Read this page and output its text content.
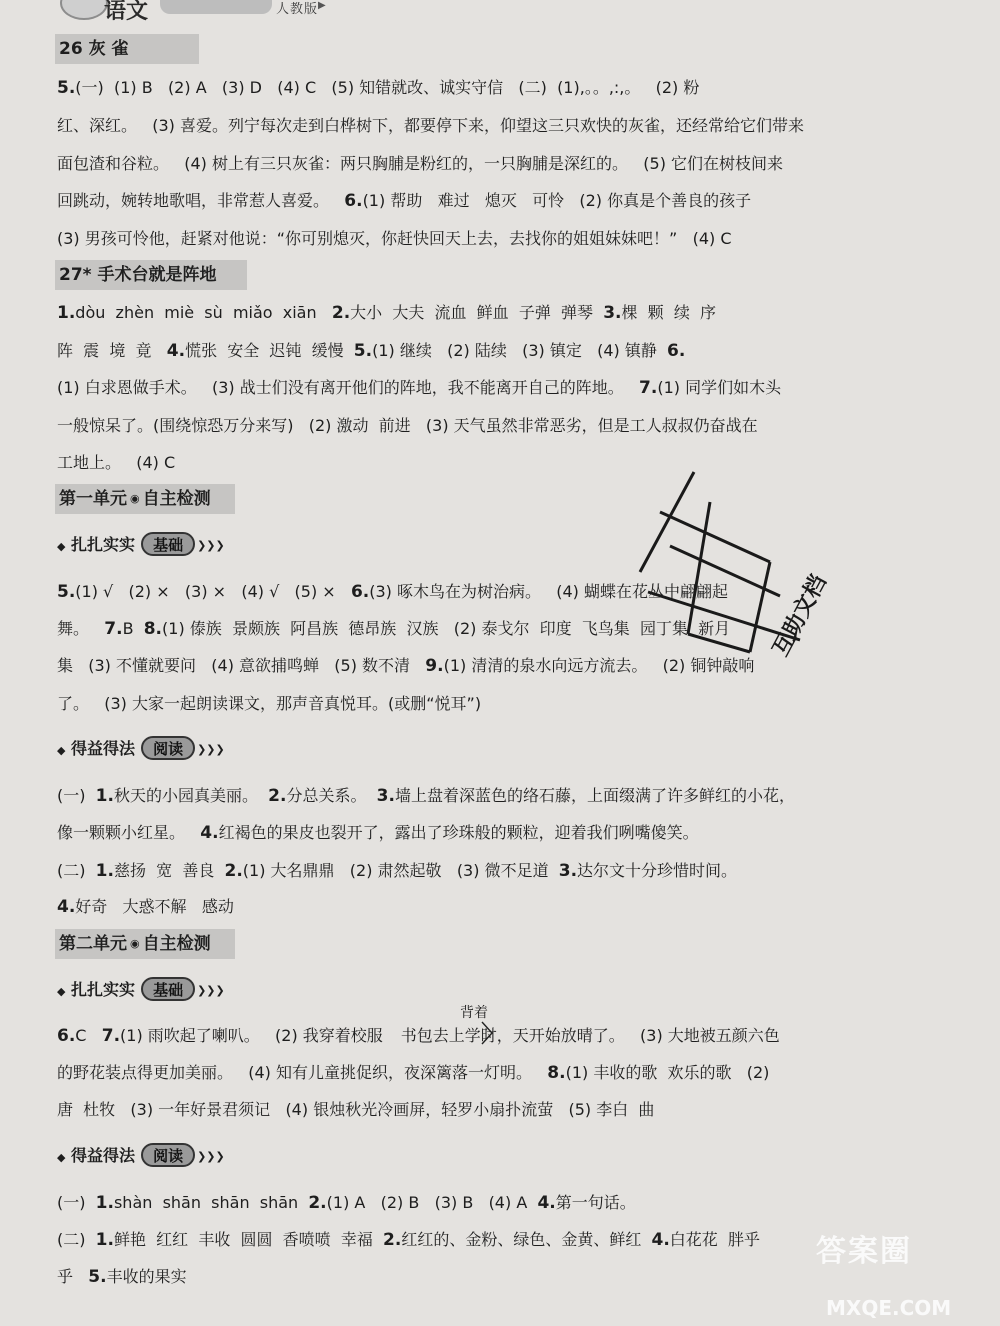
语文	人教版 ▶
26 灰 雀
5.(一)  (1) B   (2) A   (3) D   (4) C   (5) 知错就改、诚实守信   (二)  (1),。。,:,。   (2) 粉
红、深红。   (3) 喜爱。列宁每次走到白桦树下，都要停下来，仰望这三只欢快的灰雀，还经常给它们带来
面包渣和谷粒。   (4) 树上有三只灰雀：两只胸脯是粉红的，一只胸脯是深红的。   (5) 它们在树枝间来
回跳动，婉转地歌唱，非常惹人喜爱。   6.(1) 帮助   难过   熄灭   可怜   (2) 你真是个善良的孩子
(3) 男孩可怜他，赶紧对他说：“你可别熄灭，你赶快回天上去，去找你的姐姐妹妹吧！”   (4) C
27* 手术台就是阵地
1.dòu  zhèn  miè  sù  miǎo  xiān   2.大小  大夫  流血  鲜血  子弹  弹琴  3.棵  颗  续  序
阵  震  境  竟   4.慌张  安全  迟钝  缓慢  5.(1) 继续   (2) 陆续   (3) 镇定   (4) 镇静  6.
(1) 白求恩做手术。   (3) 战士们没有离开他们的阵地，我不能离开自己的阵地。   7.(1) 同学们如木头
一般惊呆了。(围绕惊恐万分来写)   (2) 激动  前进   (3) 天气虽然非常恶劣，但是工人叔叔仍奋战在
工地上。   (4) C
第一单元 ◉ 自主检测
◆ 扎扎实实 基础 ❯❯❯
5.(1) √   (2) ×   (3) ×   (4) √   (5) ×   6.(3) 啄木鸟在为树治病。   (4) 蝴蝶在花丛中翩翩起
舞。   7.B  8.(1) 傣族  景颇族  阿昌族  德昂族  汉族   (2) 泰戈尔  印度  飞鸟集  园丁集  新月
集   (3) 不懂就要问   (4) 意欲捕鸣蝉   (5) 数不清   9.(1) 清清的泉水向远方流去。   (2) 铜钟敲响
了。   (3) 大家一起朗读课文，那声音真悦耳。(或删“悦耳”)
◆ 得益得法 阅读 ❯❯❯
(一)  1.秋天的小园真美丽。  2.分总关系。  3.墙上盘着深蓝色的络石藤，上面缀满了许多鲜红的小花，
像一颗颗小红星。   4.红褐色的果皮也裂开了，露出了珍珠般的颗粒，迎着我们咧嘴傻笑。
(二)  1.慈扬  宽  善良  2.(1) 大名鼎鼎   (2) 肃然起敬   (3) 微不足道  3.达尔文十分珍惜时间。
4.好奇   大惑不解   感动
第二单元 ◉ 自主检测
◆ 扎扎实实 基础 ❯❯❯
背着
6.C   7.(1) 雨吹起了喇叭。   (2) 我穿着校服 书包去上学时，天开始放晴了。   (3) 大地被五颜六色
的野花装点得更加美丽。   (4) 知有儿童挑促织，夜深篱落一灯明。   8.(1) 丰收的歌  欢乐的歌   (2)
唐  杜牧   (3) 一年好景君须记   (4) 银烛秋光冷画屏，轻罗小扇扑流萤   (5) 李白  曲
◆ 得益得法 阅读 ❯❯❯
(一)  1.shàn  shān  shān  shān  2.(1) A   (2) B   (3) B   (4) A  4.第一句话。
(二)  1.鲜艳  红红  丰收  圆圆  香喷喷  幸福  2.红红的、金粉、绿色、金黄、鲜红  4.白花花  胖乎
乎   5.丰收的果实
互助文档
答案圈
MXQE.COM
